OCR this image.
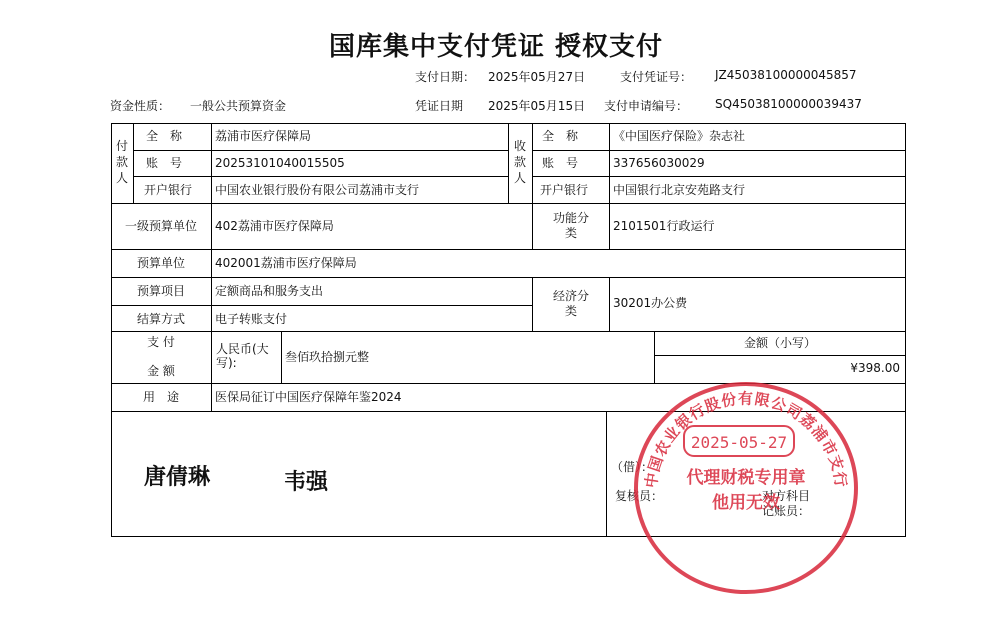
国库集中支付凭证 授权支付
支付日期： 2025年05月27日	支付凭证号： JZ45038100000045857
资金性质： 一般公共预算资金	凭证日期 2025年05月15日 支付申请编号： SQ45038100000039437
付款人
全　称	荔浦市医疗保障局
账　号	20253101040015505
开户银行 中国农业银行股份有限公司荔浦市支行
收款人
全　称	《中国医疗保险》杂志社
账　号	337656030029
开户银行 中国银行北京安苑路支行
一级预算单位	402荔浦市医疗保障局
功能分类	2101501行政运行
预算单位	402001荔浦市医疗保障局
预算项目	定额商品和服务支出
结算方式	电子转账支付
经济分类
30201办公费
支 付
金 额
人民币(大写):	叁佰玖拾捌元整
金额（小写）
¥398.00
用　途	医保局征订中国医疗保障年鉴2024
唐倩琳	韦强
（借）：
复核员：	对方科目
记账员：
中国农业银行股份有限公司荔浦市支行
2025-05-27
代理财税专用章
他用无效
